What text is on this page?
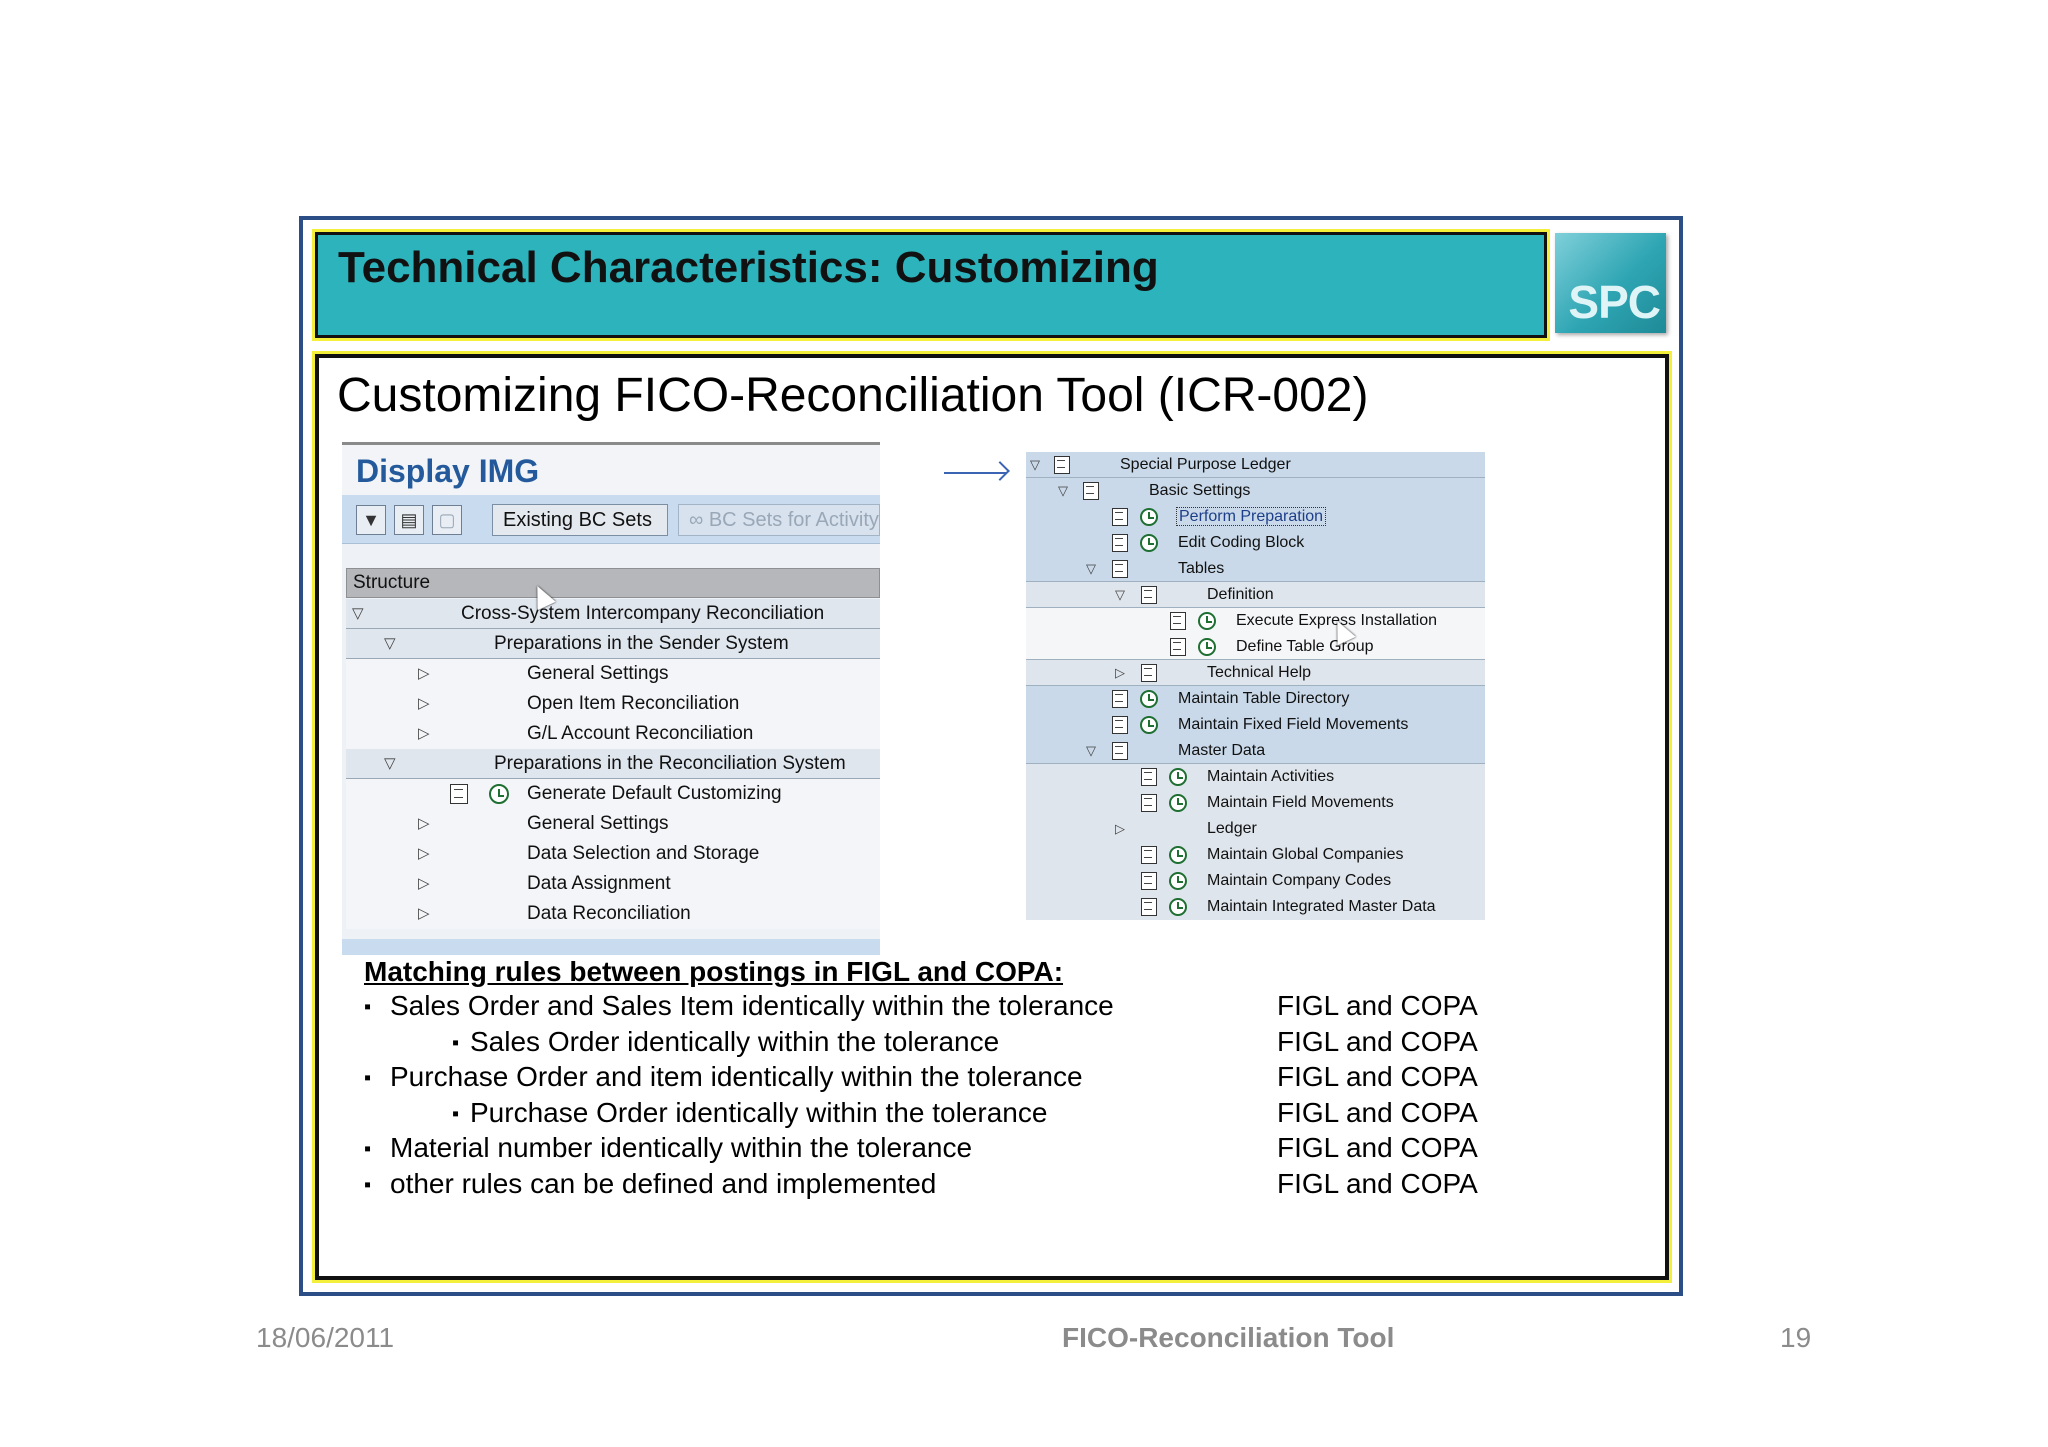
Technical Characteristics: Customizing
SPC
Customizing FICO-Reconciliation Tool (ICR-002)
Display IMG
▼	▤	▢	Existing BC Sets	∞ BC Sets for Activity
Structure
▽	Cross-System Intercompany Reconciliation
▽	Preparations in the Sender System
▷	General Settings
▷	Open Item Reconciliation
▷	G/L Account Reconciliation
▽	Preparations in the Reconciliation System
Generate Default Customizing
▷	General Settings
▷	Data Selection and Storage
▷	Data Assignment
▷	Data Reconciliation
▽	Special Purpose Ledger
▽	Basic Settings
Perform Preparation
Edit Coding Block
▽	Tables
▽	Definition
Execute Express Installation
Define Table Group
▷	Technical Help
Maintain Table Directory
Maintain Fixed Field Movements
▽	Master Data
Maintain Activities
Maintain Field Movements
▷	Ledger
Maintain Global Companies
Maintain Company Codes
Maintain Integrated Master Data
Matching rules between postings in FIGL and COPA:
▪ Sales Order and Sales Item identically within the tolerance	FIGL and COPA
▪ Sales Order identically within the tolerance	FIGL and COPA
▪ Purchase Order and item identically within the tolerance	FIGL and COPA
▪ Purchase Order identically within the tolerance	FIGL and COPA
▪ Material number identically within the tolerance	FIGL and COPA
▪ other rules can be defined and implemented	FIGL and COPA
18/06/2011	FICO-Reconciliation Tool	19
